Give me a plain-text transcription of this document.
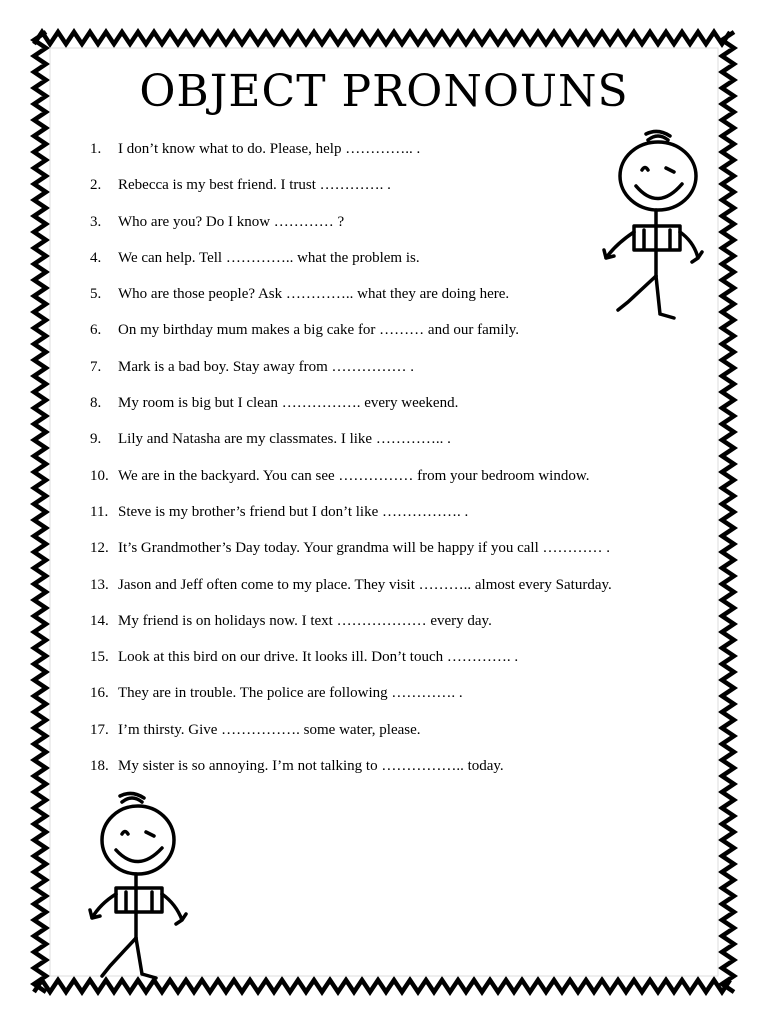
OBJECT PRONOUNS
1.	I don’t know what to do. Please, help ………….. .
2.	Rebecca is my best friend. I trust …………. .
3.	Who are you? Do I know ………… ?
4.	We can help. Tell ………….. what the problem is.
5.	Who are those people? Ask ………….. what they are doing here.
6.	On my birthday mum makes a big cake for ……… and our family.
7.	Mark is a bad boy. Stay away from …………… .
8.	My room is big but I clean ……………. every weekend.
9.	Lily and Natasha are my classmates. I like ………….. .
10. We are in the backyard. You can see …………… from your bedroom window.
11. Steve is my brother’s friend but I don’t like ……………. .
12. It’s Grandmother’s Day today. Your grandma will be happy if you call ………… .
13. Jason and Jeff often come to my place. They visit ……….. almost every Saturday.
14. My friend is on holidays now. I text ……………… every day.
15. Look at this bird on our drive. It looks ill. Don’t touch …………. .
16. They are in trouble. The police are following …………. .
17. I’m thirsty. Give ……………. some water, please.
18. My sister is so annoying. I’m not talking to …………….. today.
